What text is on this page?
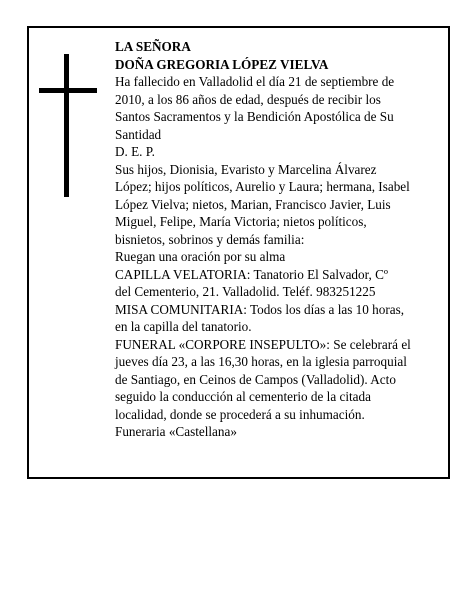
LA SEÑORA
DOÑA GREGORIA LÓPEZ VIELVA
Ha fallecido en Valladolid el día 21 de septiembre de
2010, a los 86 años de edad, después de recibir los
Santos Sacramentos y la Bendición Apostólica de Su
Santidad
D. E. P.
Sus hijos, Dionisia, Evaristo y Marcelina Álvarez
López; hijos políticos, Aurelio y Laura; hermana, Isabel
López Vielva; nietos, Marian, Francisco Javier, Luis
Miguel, Felipe, María Victoria; nietos políticos,
bisnietos, sobrinos y demás familia:
Ruegan una oración por su alma
CAPILLA VELATORIA: Tanatorio El Salvador, Cº
del Cementerio, 21. Valladolid. Teléf. 983251225
MISA COMUNITARIA: Todos los días a las 10 horas,
en la capilla del tanatorio.
FUNERAL «CORPORE INSEPULTO»: Se celebrará el
jueves día 23, a las 16,30 horas, en la iglesia parroquial
de Santiago, en Ceinos de Campos (Valladolid). Acto
seguido la conducción al cementerio de la citada
localidad, donde se procederá a su inhumación.
Funeraria «Castellana»
